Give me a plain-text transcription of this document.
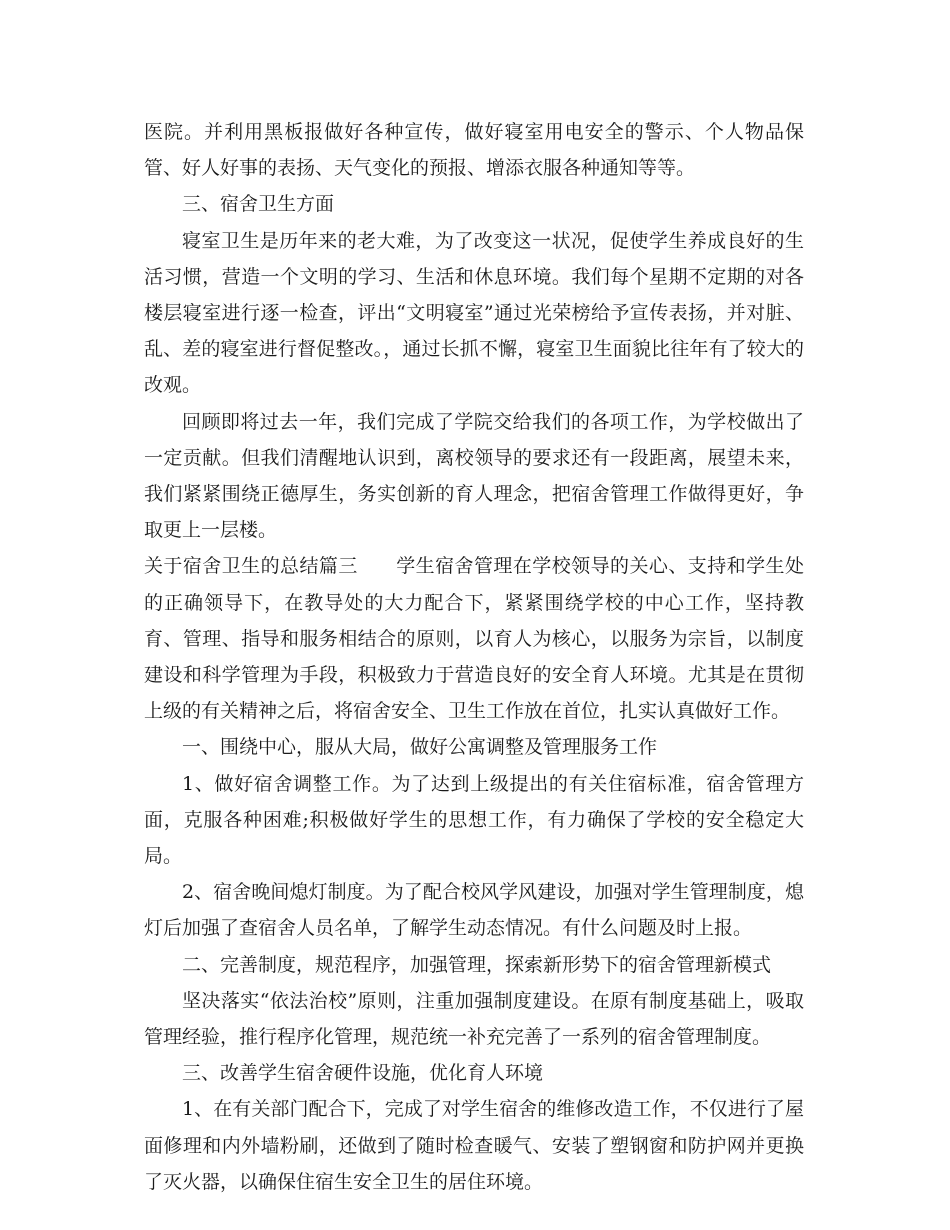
医院。并利用黑板报做好各种宣传，做好寝室用电安全的警示、个人物品保管、好人好事的表扬、天气变化的预报、增添衣服各种通知等等。

三、宿舍卫生方面

寝室卫生是历年来的老大难，为了改变这一状况，促使学生养成良好的生活习惯，营造一个文明的学习、生活和休息环境。我们每个星期不定期的对各楼层寝室进行逐一检查，评出“文明寝室”通过光荣榜给予宣传表扬，并对脏、乱、差的寝室进行督促整改。，通过长抓不懈，寝室卫生面貌比往年有了较大的改观。

回顾即将过去一年，我们完成了学院交给我们的各项工作，为学校做出了一定贡献。但我们清醒地认识到，离校领导的要求还有一段距离，展望未来，我们紧紧围绕正德厚生，务实创新的育人理念，把宿舍管理工作做得更好，争取更上一层楼。

关于宿舍卫生的总结篇三 学生宿舍管理在学校领导的关心、支持和学生处的正确领导下，在教导处的大力配合下，紧紧围绕学校的中心工作，坚持教育、管理、指导和服务相结合的原则，以育人为核心，以服务为宗旨，以制度建设和科学管理为手段，积极致力于营造良好的安全育人环境。尤其是在贯彻上级的有关精神之后，将宿舍安全、卫生工作放在首位，扎实认真做好工作。

一、围绕中心，服从大局，做好公寓调整及管理服务工作

1、做好宿舍调整工作。为了达到上级提出的有关住宿标准，宿舍管理方面，克服各种困难;积极做好学生的思想工作，有力确保了学校的安全稳定大局。

2、宿舍晚间熄灯制度。为了配合校风学风建设，加强对学生管理制度，熄灯后加强了查宿舍人员名单，了解学生动态情况。有什么问题及时上报。

二、完善制度，规范程序，加强管理，探索新形势下的宿舍管理新模式

坚决落实“依法治校”原则，注重加强制度建设。在原有制度基础上，吸取管理经验，推行程序化管理，规范统一补充完善了一系列的宿舍管理制度。

三、改善学生宿舍硬件设施，优化育人环境

1、在有关部门配合下，完成了对学生宿舍的维修改造工作，不仅进行了屋面修理和内外墙粉刷，还做到了随时检查暖气、安装了塑钢窗和防护网并更换了灭火器，以确保住宿生安全卫生的居住环境。
